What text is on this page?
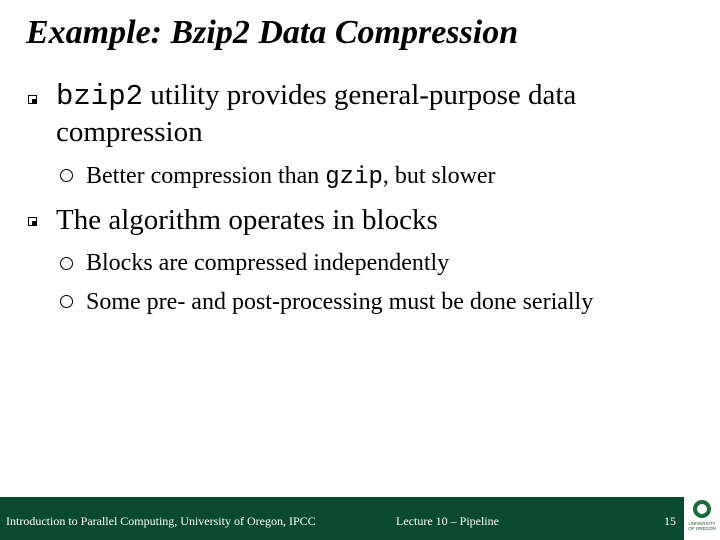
Example: Bzip2 Data Compression
bzip2 utility provides general-purpose data
compression
Better compression than gzip, but slower
The algorithm operates in blocks
Blocks are compressed independently
Some pre- and post-processing must be done serially
Introduction to Parallel Computing, University of Oregon, IPCC	Lecture 10 – Pipeline	15	UNIVERSITY OF OREGON
